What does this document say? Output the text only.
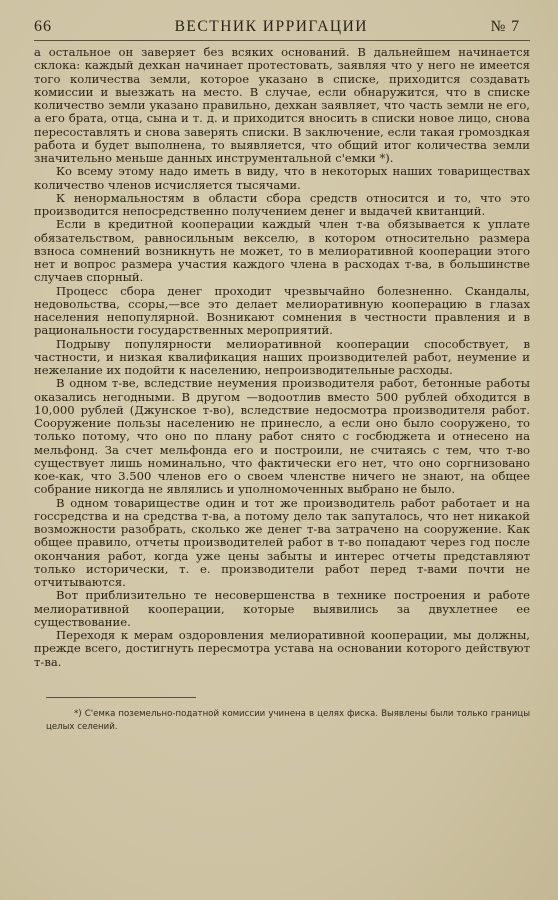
66	ВЕСТНИК ИРРИГАЦИИ	№ 7

а остальное он заверяет без всяких оснований. В дальнейшем начинается склока: каждый дехкан начинает протестовать, заявляя что у него не имеется того количества земли, которое указано в списке, приходится создавать комиссии и выезжать на место. В случае, если обнаружится, что в списке количество земли указано правильно, дехкан заявляет, что часть земли не его, а его брата, отца, сына и т. д. и приходится вносить в списки новое лицо, снова пересоставлять и снова заверять списки. В заключение, если такая громоздкая работа и будет выполнена, то выявляется, что общий итог количества земли значительно меньше данных инструментальной с'емки *).

Ко всему этому надо иметь в виду, что в некоторых наших товариществах количество членов исчисляется тысячами.

К ненормальностям в области сбора средств относится и то, что это производится непосредственно получением денег и выдачей квитанций.

Если в кредитной кооперации каждый член т-ва обязывается к уплате обязательством, равносильным векселю, в котором относительно размера взноса сомнений возникнуть не может, то в мелиоративной кооперации этого нет и вопрос размера участия каждого члена в расходах т-ва, в большинстве случаев спорный.

Процесс сбора денег проходит чрезвычайно болезненно. Скандалы, недовольства, ссоры,—все это делает мелиоративную кооперацию в глазах населения непопулярной. Возникают сомнения в честности правления и в рациональности государственных мероприятий.

Подрыву популярности мелиоративной кооперации способствует, в частности, и низкая квалификация наших производителей работ, неумение и нежелание их подойти к населению, непроизводительные расходы.

В одном т-ве, вследствие неумения производителя работ, бетонные работы оказались негодными. В другом —водоотлив вместо 500 рублей обходится в 10,000 рублей (Джунское т-во), вследствие недосмотра производителя работ. Сооружение пользы населению не принесло, а если оно было сооружено, то только потому, что оно по плану работ снято с госбюджета и отнесено на мельфонд. За счет мельфонда его и построили, не считаясь с тем, что т-во существует лишь номинально, что фактически его нет, что оно соргнизовано кое-как, что 3.500 членов его о своем членстве ничего не знают, на общее собрание никогда не являлись и уполномоченных выбрано не было.

В одном товариществе один и тот же производитель работ работает и на госсредства и на средства т-ва, а потому дело так запуталось, что нет никакой возможности разобрать, сколько же денег т-ва затрачено на сооружение. Как общее правило, отчеты производителей работ в т-во попадают через год после окончания работ, когда уже цены забыты и интерес отчеты представляют только исторически, т. е. производители работ перед т-вами почти не отчитываются.

Вот приблизительно те несовершенства в технике построения и работе мелиоративной кооперации, которые выявились за двухлетнее ее существование.

Переходя к мерам оздоровления мелиоративной кооперации, мы должны, прежде всего, достигнуть пересмотра устава на основании которого действуют т-ва.

*) С'емка поземельно-податной комиссии учинена в целях фиска. Выявлены были только границы целых селений.
